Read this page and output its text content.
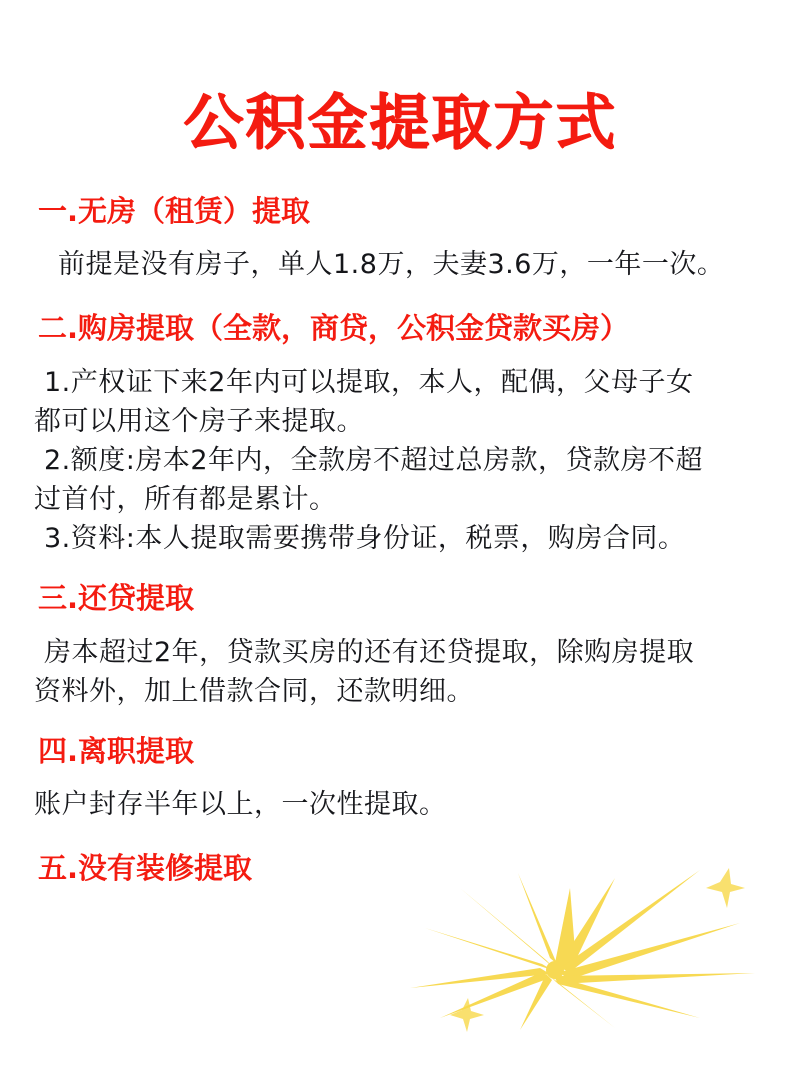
公积金提取方式

一.无房（租赁）提取

前提是没有房子，单人1.8万，夫妻3.6万，一年一次。

二.购房提取（全款，商贷，公积金贷款买房）

1.产权证下来2年内可以提取，本人，配偶，父母子女

都可以用这个房子来提取。

2.额度:房本2年内，全款房不超过总房款，贷款房不超

过首付，所有都是累计。

3.资料:本人提取需要携带身份证，税票，购房合同。

三.还贷提取

房本超过2年，贷款买房的还有还贷提取，除购房提取

资料外，加上借款合同，还款明细。

四.离职提取

账户封存半年以上，一次性提取。

五.没有装修提取
